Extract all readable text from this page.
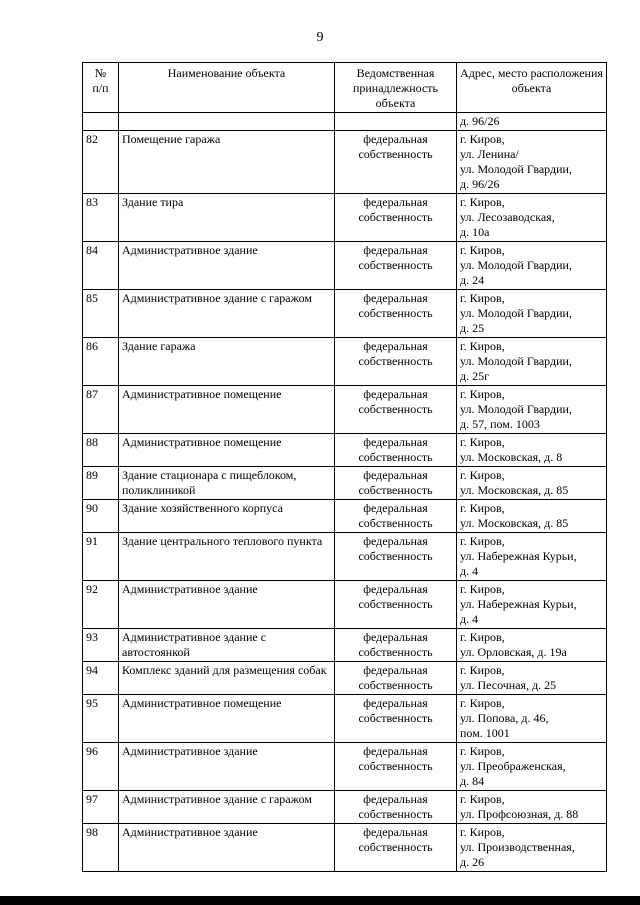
9
№
п/п	Наименование объекта	Ведомственная принадлежность объекта	Адрес, место расположения объекта

			д. 96/26

82	Помещение гаража	федеральная собственность	г. Киров,
ул. Ленина/
ул. Молодой Гвардии,
д. 96/26

83	Здание тира	федеральная собственность	г. Киров,
ул. Лесозаводская,
д. 10а

84	Административное здание	федеральная собственность	г. Киров,
ул. Молодой Гвардии,
д. 24

85	Административное здание с гаражом	федеральная собственность	г. Киров,
ул. Молодой Гвардии,
д. 25

86	Здание гаража	федеральная собственность	г. Киров,
ул. Молодой Гвардии,
д. 25г

87	Административное помещение	федеральная собственность	г. Киров,
ул. Молодой Гвардии,
д. 57, пом. 1003

88	Административное помещение	федеральная собственность	г. Киров,
ул. Московская, д. 8

89	Здание стационара с пищеблоком, поликлиникой	федеральная собственность	г. Киров,
ул. Московская, д. 85

90	Здание хозяйственного корпуса	федеральная собственность	г. Киров,
ул. Московская, д. 85

91	Здание центрального теплового пункта	федеральная собственность	г. Киров,
ул. Набережная Курьи,
д. 4

92	Административное здание	федеральная собственность	г. Киров,
ул. Набережная Курьи,
д. 4

93	Административное здание с автостоянкой	федеральная собственность	г. Киров,
ул. Орловская, д. 19а

94	Комплекс зданий для размещения собак	федеральная собственность	г. Киров,
ул. Песочная, д. 25

95	Административное помещение	федеральная собственность	г. Киров,
ул. Попова, д. 46,
пом. 1001

96	Административное здание	федеральная собственность	г. Киров,
ул. Преображенская,
д. 84

97	Административное здание с гаражом	федеральная собственность	г. Киров,
ул. Профсоюзная, д. 88

98	Административное здание	федеральная собственность	г. Киров,
ул. Производственная,
д. 26
